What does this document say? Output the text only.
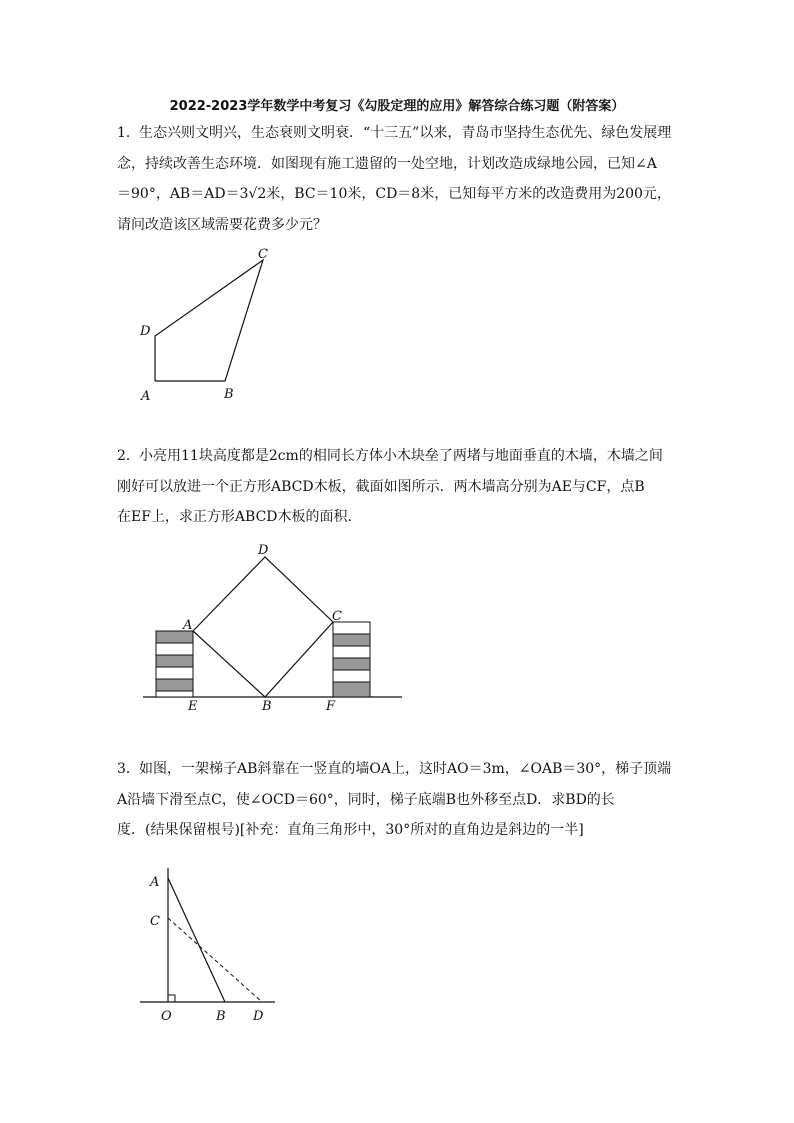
2022-2023学年数学中考复习《勾股定理的应用》解答综合练习题（附答案）
1． 生态兴则文明兴，生态衰则文明衰．“十三五”以来，青岛市坚持生态优先、绿色发展理
念，持续改善生态环境．如图现有施工遗留的一处空地，计划改造成绿地公园，已知∠A
＝90°，AB＝AD＝3√2米，BC＝10米，CD＝8米，已知每平方米的改造费用为200元，
请问改造该区域需要花费多少元？
A	B
C
D
2． 小亮用11块高度都是2cm的相同长方体小木块垒了两堵与地面垂直的木墙，木墙之间
刚好可以放进一个正方形ABCD木板，截面如图所示．两木墙高分别为AE与CF，点B
在EF上，求正方形ABCD木板的面积．
A
B
C
D
E	F
3． 如图，一架梯子AB斜靠在一竖直的墙OA上，这时AO＝3m，∠OAB＝30°，梯子顶端
A沿墙下滑至点C，使∠OCD＝60°，同时，梯子底端B也外移至点D．求BD的长
度．(结果保留根号)[补充：直角三角形中，30°所对的直角边是斜边的一半]
A
C
O	B D
